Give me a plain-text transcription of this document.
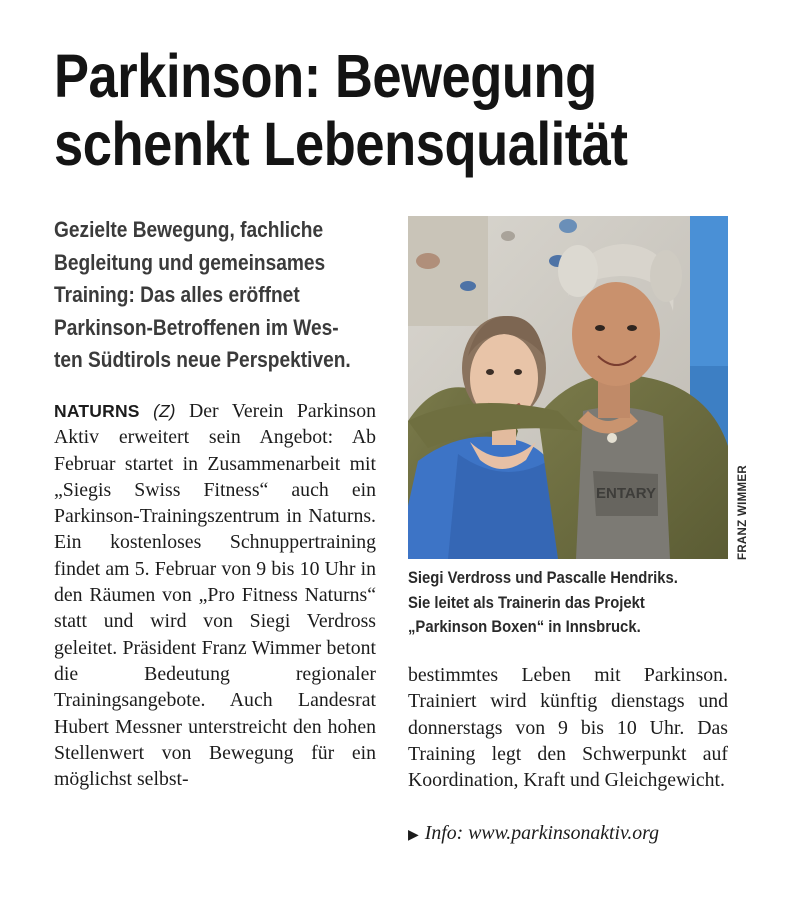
Parkinson: Bewegung
schenkt Lebensqualität
Gezielte Bewegung, fachliche
Begleitung und gemeinsames
Training: Das alles eröffnet
Parkinson-Betroffenen im Wes-
ten Südtirols neue Perspektiven.

NATURNS (Z) Der Verein Parkinson Aktiv erweitert sein Angebot: Ab Februar startet in Zusammenarbeit mit „Siegis Swiss Fitness“ auch ein Parkinson-Trainingszentrum in Naturns. Ein kostenloses Schnuppertraining findet am 5. Februar von 9 bis 10 Uhr in den Räumen von „Pro Fitness Naturns“ statt und wird von Siegi Verdross geleitet. Präsident Franz Wimmer betont die Bedeutung regionaler Trainingsangebote. Auch Landesrat Hubert Messner unterstreicht den hohen Stellenwert von Bewegung für ein möglichst selbst-

ENTARY	FRANZ WIMMER
Siegi Verdross und Pascalle Hendriks.
Sie leitet als Trainerin das Projekt
„Parkinson Boxen“ in Innsbruck.

bestimmtes Leben mit Parkinson. Trainiert wird künftig dienstags und donnerstags von 9 bis 10 Uhr. Das Training legt den Schwerpunkt auf Koordination, Kraft und Gleichgewicht.

▶ Info: www.parkinsonaktiv.org
